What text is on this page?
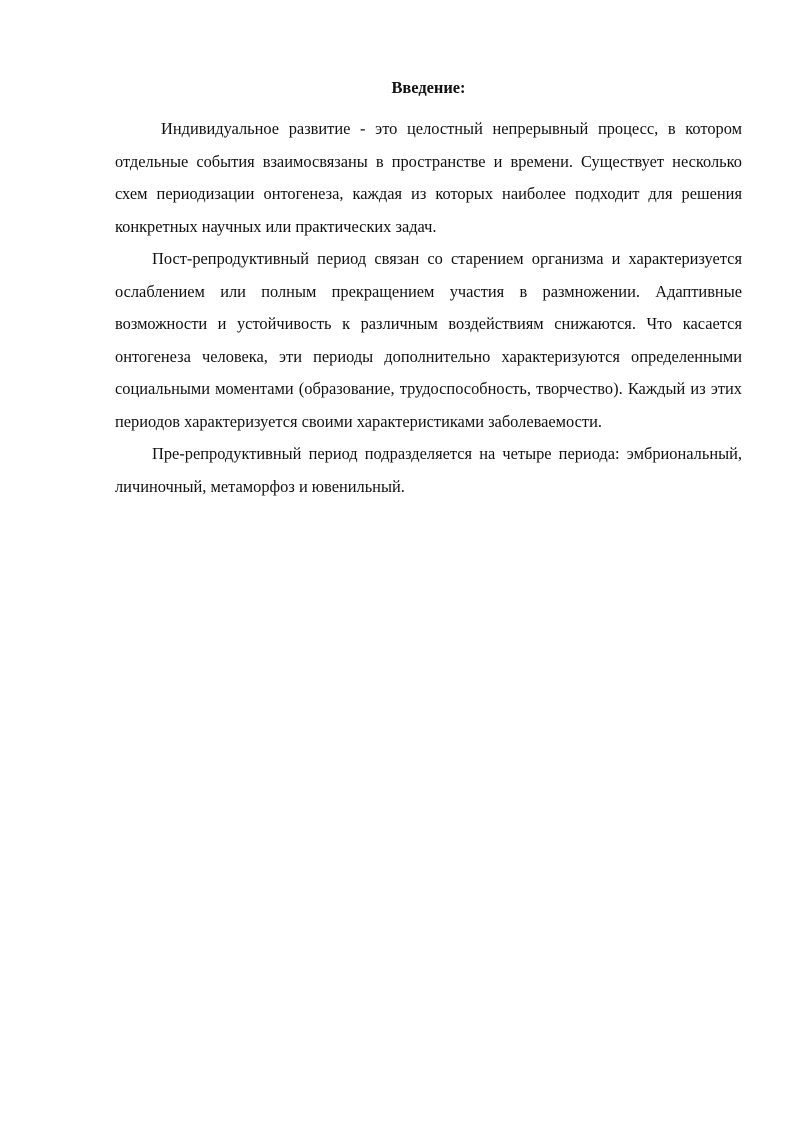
Введение:

Индивидуальное развитие - это целостный непрерывный процесс, в котором отдельные события взаимосвязаны в пространстве и времени. Существует несколько схем периодизации онтогенеза, каждая из которых наиболее подходит для решения конкретных научных или практических задач.

Пост-репродуктивный период связан со старением организма и характеризуется ослаблением или полным прекращением участия в размножении. Адаптивные возможности и устойчивость к различным воздействиям снижаются. Что касается онтогенеза человека, эти периоды дополнительно характеризуются определенными социальными моментами (образование, трудоспособность, творчество). Каждый из этих периодов характеризуется своими характеристиками заболеваемости.

Пре-репродуктивный период подразделяется на четыре периода: эмбриональный, личиночный, метаморфоз и ювенильный.
